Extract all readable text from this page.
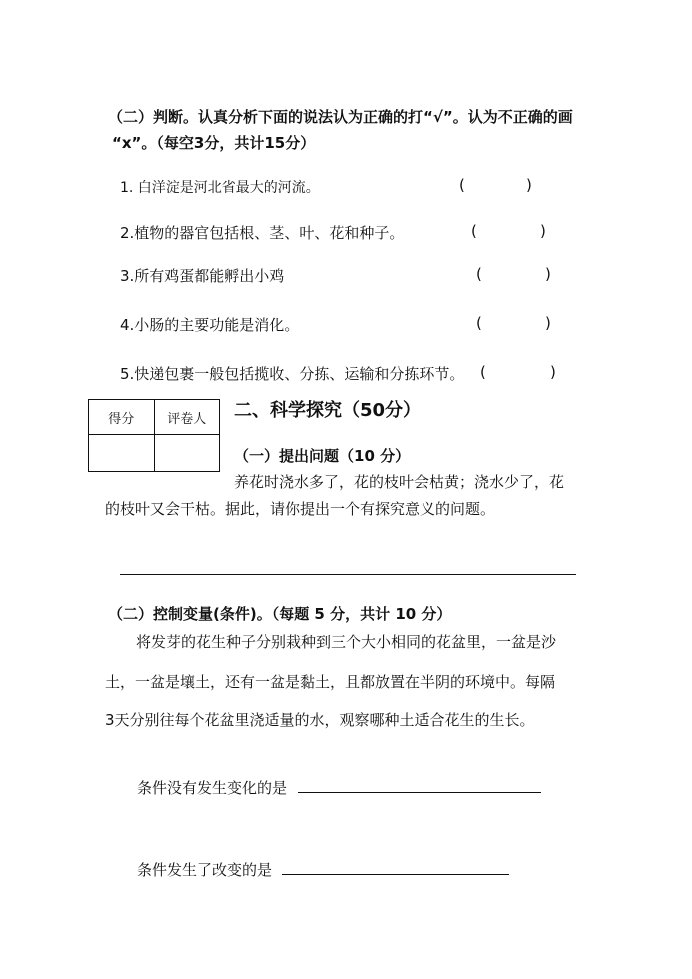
（二）判断。认真分析下面的说法认为正确的打“√”。认为不正确的画
“x”。（每空3分，共计15分）
1. 白洋淀是河北省最大的河流。	(	)
2.植物的器官包括根、茎、叶、花和种子。	(	)
3.所有鸡蛋都能孵出小鸡	(	)
4.小肠的主要功能是消化。	(	)
5.快递包裹一般包括揽收、分拣、运输和分拣环节。 (	)
得分	评卷人
	二、科学探究（50分）
（一）提出问题（10 分）
养花时浇水多了，花的枝叶会枯黄；浇水少了，花
的枝叶又会干枯。据此，请你提出一个有探究意义的问题。
（二）控制变量(条件)。（每题 5 分，共计 10 分）
将发芽的花生种子分别栽种到三个大小相同的花盆里，一盆是沙
土，一盆是壤土，还有一盆是黏土，且都放置在半阴的环境中。每隔
3天分别往每个花盆里浇适量的水，观察哪种土适合花生的生长。
条件没有发生变化的是
条件发生了改变的是
